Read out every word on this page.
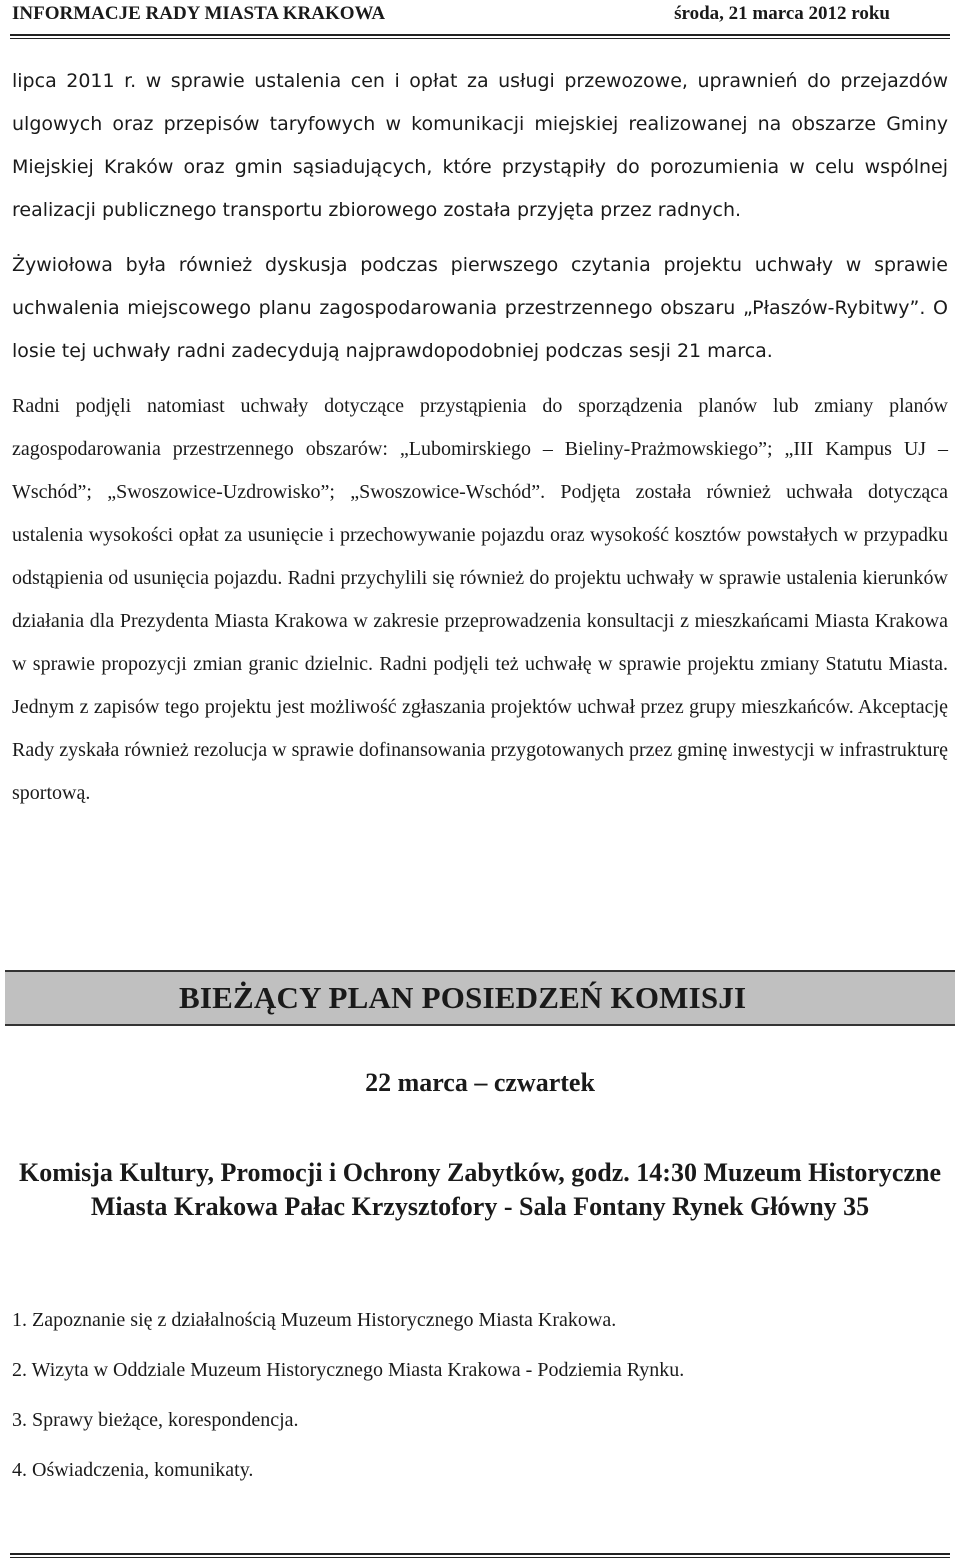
INFORMACJE RADY MIASTA KRAKOWA	środa, 21 marca 2012 roku

lipca 2011 r. w sprawie ustalenia cen i opłat za usługi przewozowe, uprawnień do przejazdów ulgowych oraz przepisów taryfowych w komunikacji miejskiej realizowanej na obszarze Gminy Miejskiej Kraków oraz gmin sąsiadujących, które przystąpiły do porozumienia w celu wspólnej realizacji publicznego transportu zbiorowego została przyjęta przez radnych.

Żywiołowa była również dyskusja podczas pierwszego czytania projektu uchwały w sprawie uchwalenia miejscowego planu zagospodarowania przestrzennego obszaru „Płaszów-Rybitwy”. O losie tej uchwały radni zadecydują najprawdopodobniej podczas sesji 21 marca.

Radni podjęli natomiast uchwały dotyczące przystąpienia do sporządzenia planów lub zmiany planów zagospodarowania przestrzennego obszarów: „Lubomirskiego – Bieliny-Prażmowskiego”; „III Kampus UJ – Wschód”; „Swoszowice-Uzdrowisko”; „Swoszowice-Wschód”. Podjęta została również uchwała dotycząca ustalenia wysokości opłat za usunięcie i przechowywanie pojazdu oraz wysokość kosztów powstałych w przypadku odstąpienia od usunięcia pojazdu. Radni przychylili się również do projektu uchwały w sprawie ustalenia kierunków działania dla Prezydenta Miasta Krakowa w zakresie przeprowadzenia konsultacji z mieszkańcami Miasta Krakowa w sprawie propozycji zmian granic dzielnic. Radni podjęli też uchwałę w sprawie projektu zmiany Statutu Miasta. Jednym z zapisów tego projektu jest możliwość zgłaszania projektów uchwał przez grupy mieszkańców. Akceptację Rady zyskała również rezolucja w sprawie dofinansowania przygotowanych przez gminę inwestycji w infrastrukturę sportową.

BIEŻĄCY PLAN POSIEDZEŃ KOMISJI
22 marca – czwartek
Komisja Kultury, Promocji i Ochrony Zabytków, godz. 14:30 Muzeum Historyczne Miasta Krakowa Pałac Krzysztofory - Sala Fontany Rynek Główny 35
1. Zapoznanie się z działalnością Muzeum Historycznego Miasta Krakowa.
2. Wizyta w Oddziale Muzeum Historycznego Miasta Krakowa - Podziemia Rynku.
3. Sprawy bieżące, korespondencja.
4. Oświadczenia, komunikaty.
